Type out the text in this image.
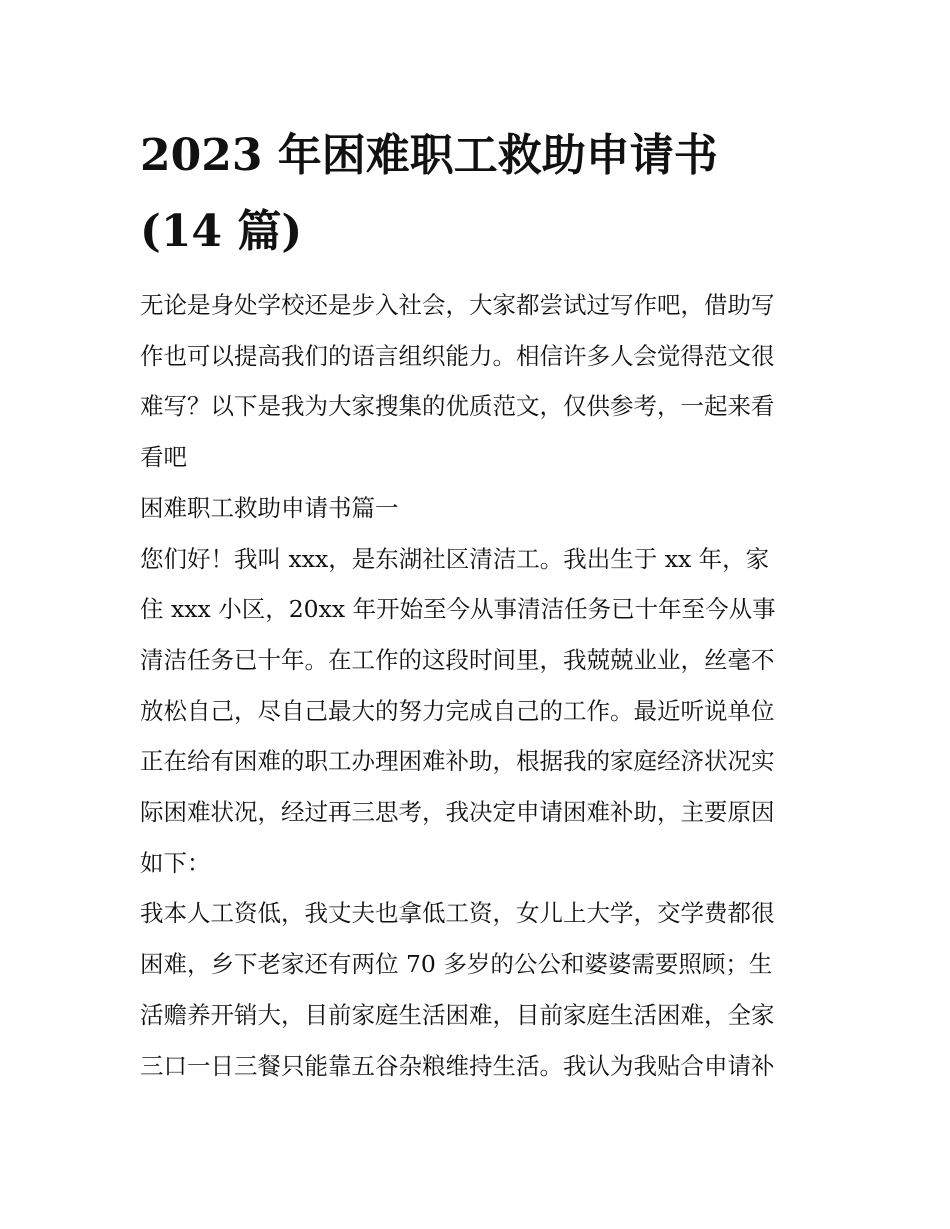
2023 年困难职工救助申请书
(14 篇)

无论是身处学校还是步入社会，大家都尝试过写作吧，借助写
作也可以提高我们的语言组织能力。相信许多人会觉得范文很
难写？以下是我为大家搜集的优质范文，仅供参考，一起来看
看吧

困难职工救助申请书篇一

您们好！我叫 xxx，是东湖社区清洁工。我出生于 xx 年，家
住 xxx 小区，20xx 年开始至今从事清洁任务已十年至今从事
清洁任务已十年。在工作的这段时间里，我兢兢业业，丝毫不
放松自己，尽自己最大的努力完成自己的工作。最近听说单位
正在给有困难的职工办理困难补助，根据我的家庭经济状况实
际困难状况，经过再三思考，我决定申请困难补助，主要原因
如下：

我本人工资低，我丈夫也拿低工资，女儿上大学，交学费都很
困难，乡下老家还有两位 70 多岁的公公和婆婆需要照顾；生
活赡养开销大，目前家庭生活困难，目前家庭生活困难，全家
三口一日三餐只能靠五谷杂粮维持生活。我认为我贴合申请补
